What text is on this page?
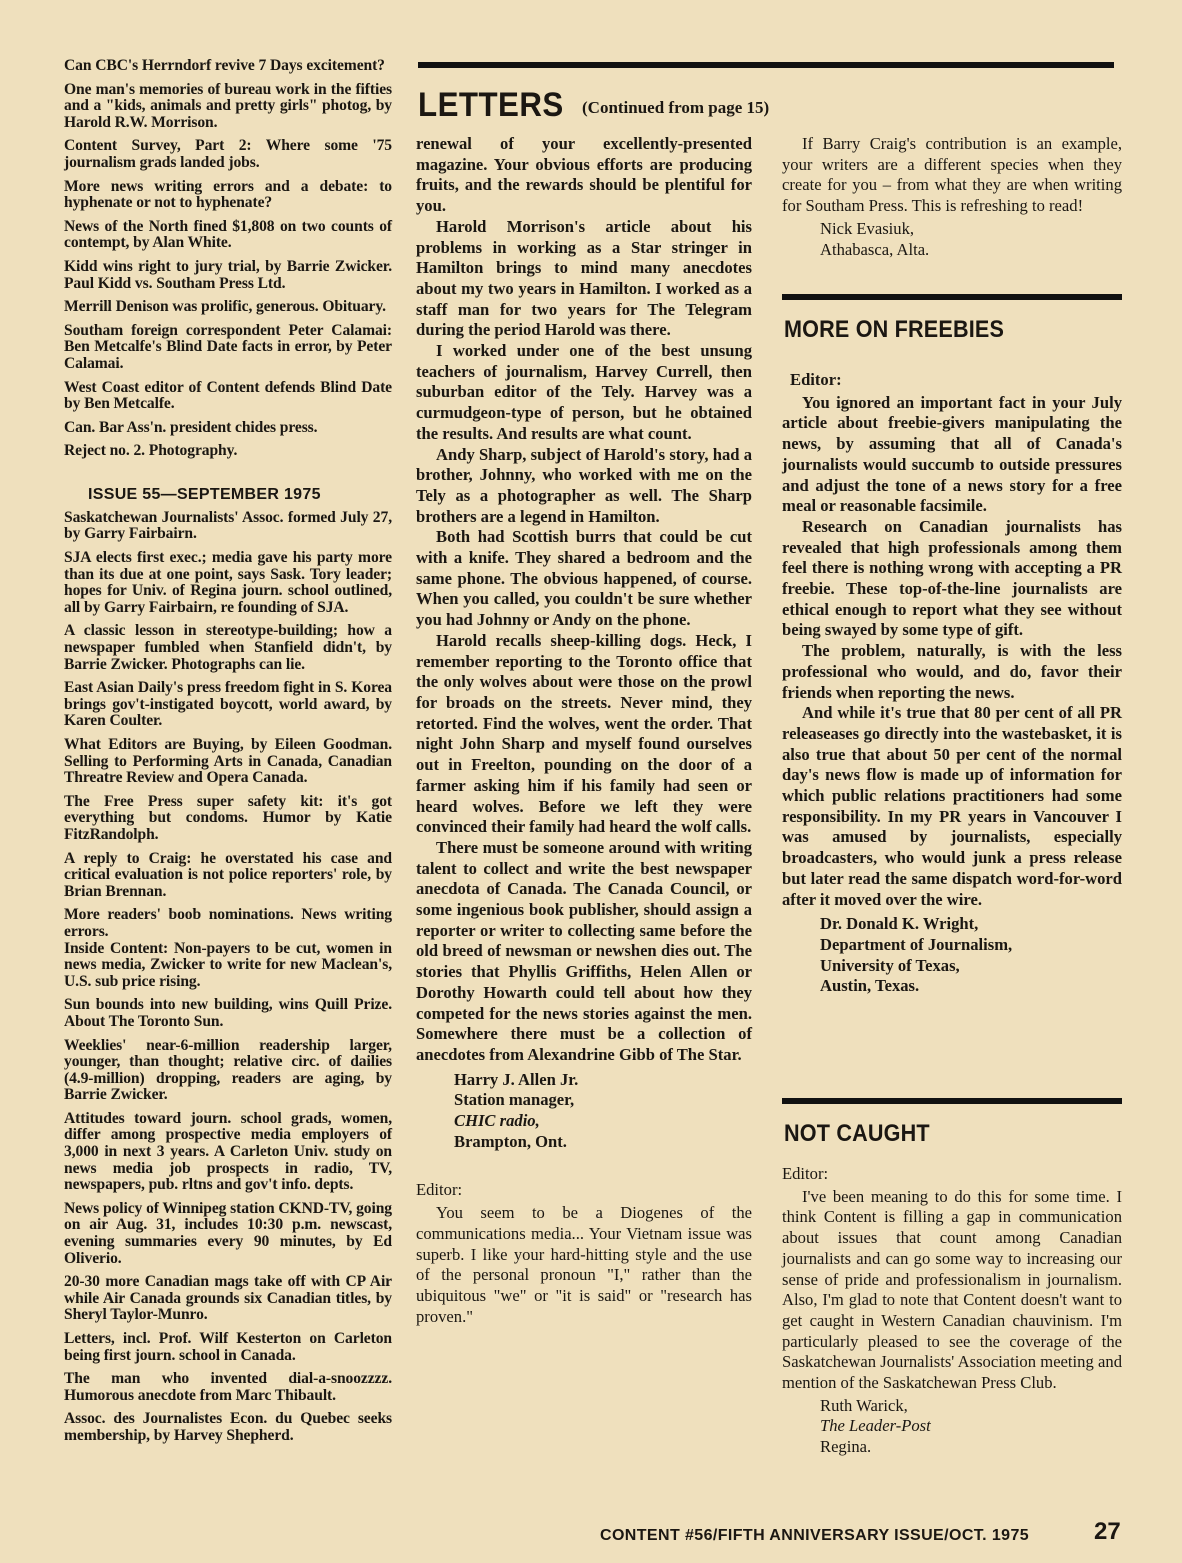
Can CBC's Herrndorf revive 7 Days excitement?

One man's memories of bureau work in the fifties and a "kids, animals and pretty girls" photog, by Harold R.W. Morrison.

Content Survey, Part 2: Where some '75 journalism grads landed jobs.

More news writing errors and a debate: to hyphenate or not to hyphenate?

News of the North fined $1,808 on two counts of contempt, by Alan White.

Kidd wins right to jury trial, by Barrie Zwicker. Paul Kidd vs. Southam Press Ltd.

Merrill Denison was prolific, generous. Obituary.

Southam foreign correspondent Peter Calamai: Ben Metcalfe's Blind Date facts in error, by Peter Calamai.

West Coast editor of Content defends Blind Date by Ben Metcalfe.

Can. Bar Ass'n. president chides press.

Reject no. 2. Photography.

ISSUE 55—SEPTEMBER 1975

Saskatchewan Journalists' Assoc. formed July 27, by Garry Fairbairn.

SJA elects first exec.; media gave his party more than its due at one point, says Sask. Tory leader; hopes for Univ. of Regina journ. school outlined, all by Garry Fairbairn, re founding of SJA.

A classic lesson in stereotype-building; how a newspaper fumbled when Stanfield didn't, by Barrie Zwicker. Photographs can lie.

East Asian Daily's press freedom fight in S. Korea brings gov't-instigated boycott, world award, by Karen Coulter.

What Editors are Buying, by Eileen Goodman. Selling to Performing Arts in Canada, Canadian Threatre Review and Opera Canada.

The Free Press super safety kit: it's got everything but condoms. Humor by Katie FitzRandolph.

A reply to Craig: he overstated his case and critical evaluation is not police reporters' role, by Brian Brennan.

More readers' boob nominations. News writing errors.

Inside Content: Non-payers to be cut, women in news media, Zwicker to write for new Maclean's, U.S. sub price rising.

Sun bounds into new building, wins Quill Prize. About The Toronto Sun.

Weeklies' near-6-million readership larger, younger, than thought; relative circ. of dailies (4.9-million) dropping, readers are aging, by Barrie Zwicker.

Attitudes toward journ. school grads, women, differ among prospective media employers of 3,000 in next 3 years. A Carleton Univ. study on news media job prospects in radio, TV, newspapers, pub. rltns and gov't info. depts.

News policy of Winnipeg station CKND-TV, going on air Aug. 31, includes 10:30 p.m. newscast, evening summaries every 90 minutes, by Ed Oliverio.

20-30 more Canadian mags take off with CP Air while Air Canada grounds six Canadian titles, by Sheryl Taylor-Munro.

Letters, incl. Prof. Wilf Kesterton on Carleton being first journ. school in Canada.

The man who invented dial-a-snoozzzz. Humorous anecdote from Marc Thibault.

Assoc. des Journalistes Econ. du Quebec seeks membership, by Harvey Shepherd.

LETTERS (Continued from page 15)

renewal of your excellently-presented magazine. Your obvious efforts are producing fruits, and the rewards should be plentiful for you.

Harold Morrison's article about his problems in working as a Star stringer in Hamilton brings to mind many anecdotes about my two years in Hamilton. I worked as a staff man for two years for The Telegram during the period Harold was there.

I worked under one of the best unsung teachers of journalism, Harvey Currell, then suburban editor of the Tely. Harvey was a curmudgeon-type of person, but he obtained the results. And results are what count.

Andy Sharp, subject of Harold's story, had a brother, Johnny, who worked with me on the Tely as a photographer as well. The Sharp brothers are a legend in Hamilton.

Both had Scottish burrs that could be cut with a knife. They shared a bedroom and the same phone. The obvious happened, of course. When you called, you couldn't be sure whether you had Johnny or Andy on the phone.

Harold recalls sheep-killing dogs. Heck, I remember reporting to the Toronto office that the only wolves about were those on the prowl for broads on the streets. Never mind, they retorted. Find the wolves, went the order. That night John Sharp and myself found ourselves out in Freelton, pounding on the door of a farmer asking him if his family had seen or heard wolves. Before we left they were convinced their family had heard the wolf calls.

There must be someone around with writing talent to collect and write the best newspaper anecdota of Canada. The Canada Council, or some ingenious book publisher, should assign a reporter or writer to collecting same before the old breed of newsman or newshen dies out. The stories that Phyllis Griffiths, Helen Allen or Dorothy Howarth could tell about how they competed for the news stories against the men. Somewhere there must be a collection of anecdotes from Alexandrine Gibb of The Star.

Harry J. Allen Jr.
Station manager,
CHIC radio,
Brampton, Ont.
Editor:

You seem to be a Diogenes of the communications media... Your Vietnam issue was superb. I like your hard-hitting style and the use of the personal pronoun "I," rather than the ubiquitous "we" or "it is said" or "research has proven."

If Barry Craig's contribution is an example, your writers are a different species when they create for you – from what they are when writing for Southam Press. This is refreshing to read!

Nick Evasiuk,
Athabasca, Alta.
MORE ON FREEBIES
Editor:

You ignored an important fact in your July article about freebie-givers manipulating the news, by assuming that all of Canada's journalists would succumb to outside pressures and adjust the tone of a news story for a free meal or reasonable facsimile.

Research on Canadian journalists has revealed that high professionals among them feel there is nothing wrong with accepting a PR freebie. These top-of-the-line journalists are ethical enough to report what they see without being swayed by some type of gift.

The problem, naturally, is with the less professional who would, and do, favor their friends when reporting the news.

And while it's true that 80 per cent of all PR releaseases go directly into the wastebasket, it is also true that about 50 per cent of the normal day's news flow is made up of information for which public relations practitioners had some responsibility. In my PR years in Vancouver I was amused by journalists, especially broadcasters, who would junk a press release but later read the same dispatch word-for-word after it moved over the wire.

Dr. Donald K. Wright,
Department of Journalism,
University of Texas,
Austin, Texas.
NOT CAUGHT
Editor:

I've been meaning to do this for some time. I think Content is filling a gap in communication about issues that count among Canadian journalists and can go some way to increasing our sense of pride and professionalism in journalism. Also, I'm glad to note that Content doesn't want to get caught in Western Canadian chauvinism. I'm particularly pleased to see the coverage of the Saskatchewan Journalists' Association meeting and mention of the Saskatchewan Press Club.

Ruth Warick,
The Leader-Post
Regina.
CONTENT #56/FIFTH ANNIVERSARY ISSUE/OCT. 1975	27
